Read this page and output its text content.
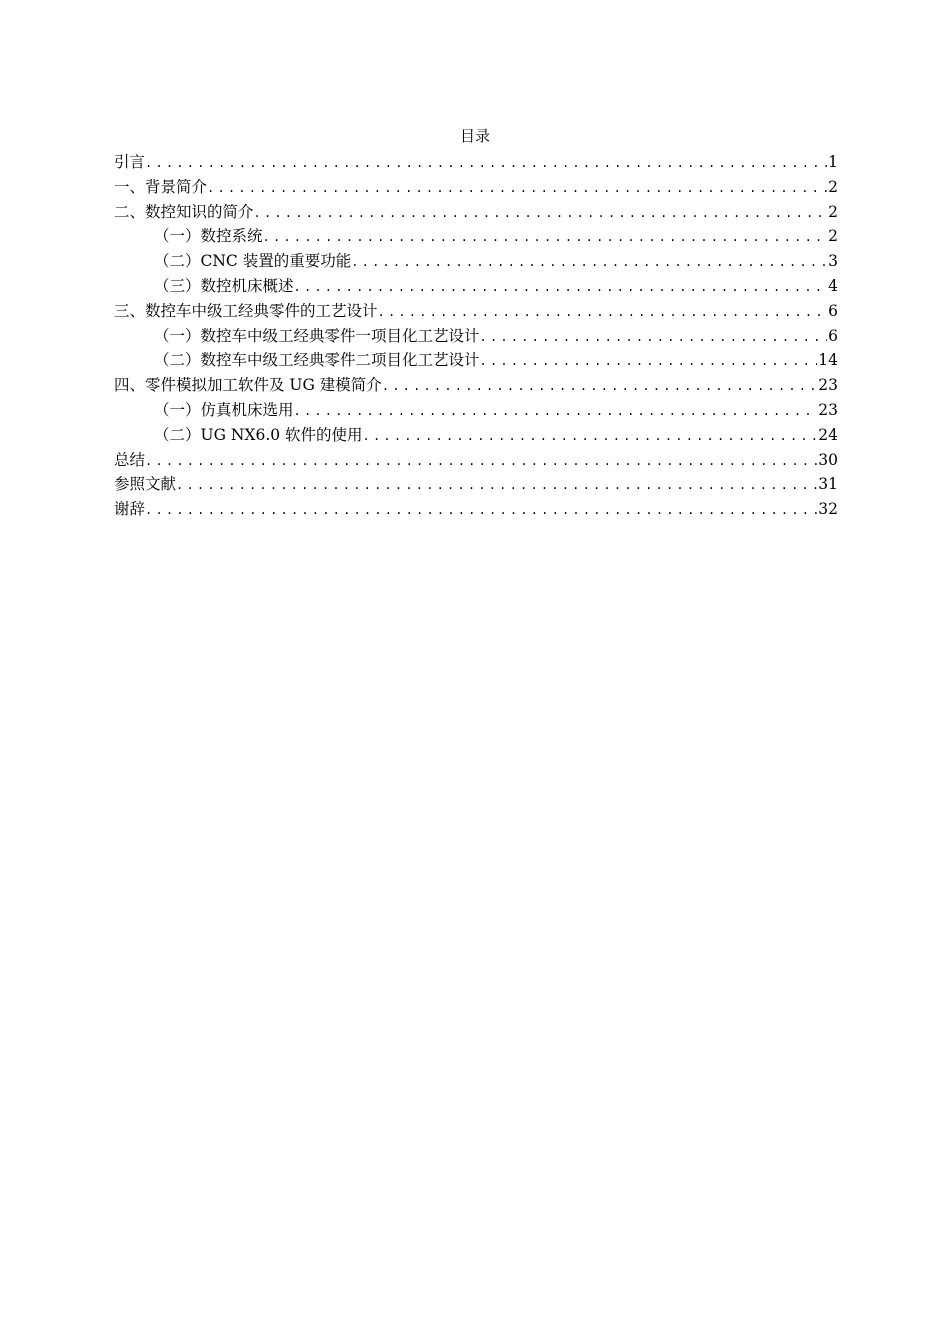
目录
引言 .....	1
一、背景简介 .....	2
二、数控知识的简介 .....	2
（一）数控系统 .....	2
（二）CNC 装置的重要功能 .....	3
（三）数控机床概述 .....	4
三、数控车中级工经典零件的工艺设计 .....	6
（一）数控车中级工经典零件一项目化工艺设计 .....	6
（二）数控车中级工经典零件二项目化工艺设计 .....	14
四、零件模拟加工软件及 UG 建模简介 .....	23
（一）仿真机床选用 .....	23
（二）UG NX6.0 软件的使用 .....	24
总结 .....	30
参照文献 .....	31
谢辞 .....	32
